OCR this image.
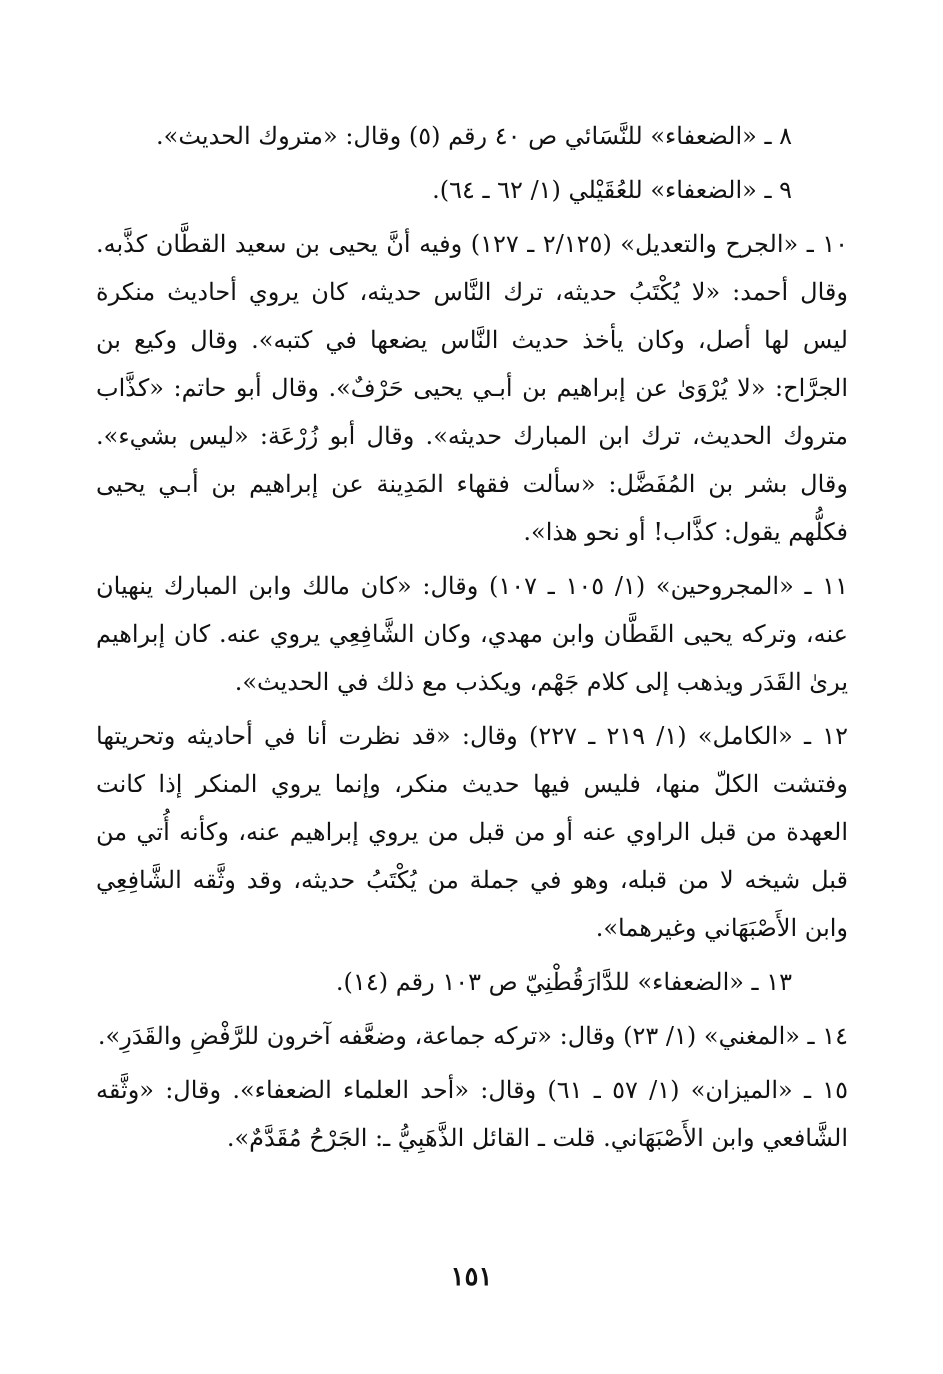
٨ ـ «الضعفاء» للنَّسَائي ص ٤٠ رقم (٥) وقال: «متروك الحديث».

٩ ـ «الضعفاء» للعُقَيْلي (١/ ٦٢ ـ ٦٤).

١٠ ـ «الجرح والتعديل» (٢/١٢٥ ـ ١٢٧) وفيه أنَّ يحيى بن سعيد القطَّان كذَّبه. وقال أحمد: «لا يُكْتَبُ حديثه، ترك النَّاس حديثه، كان يروي أحاديث منكرة ليس لها أصل، وكان يأخذ حديث النَّاس يضعها في كتبه». وقال وكيع بن الجرَّاح: «لا يُرْوَىٰ عن إبراهيم بن أبـي يحيى حَرْفٌ». وقال أبو حاتم: «كذَّاب متروك الحديث، ترك ابن المبارك حديثه». وقال أبو زُرْعَة: «ليس بشيء». وقال بشر بن المُفَضَّل: «سألت فقهاء المَدِينة عن إبراهيم بن أبـي يحيى فكلُّهم يقول: كذَّاب! أو نحو هذا».

١١ ـ «المجروحين» (١/ ١٠٥ ـ ١٠٧) وقال: «كان مالك وابن المبارك ينهيان عنه، وتركه يحيى القَطَّان وابن مهدي، وكان الشَّافِعِي يروي عنه. كان إبراهيم يرىٰ القَدَر ويذهب إلى كلام جَهْم، ويكذب مع ذلك في الحديث».

١٢ ـ «الكامل» (١/ ٢١٩ ـ ٢٢٧) وقال: «قد نظرت أنا في أحاديثه وتحريتها وفتشت الكلّ منها، فليس فيها حديث منكر، وإنما يروي المنكر إذا كانت العهدة من قبل الراوي عنه أو من قبل من يروي إبراهيم عنه، وكأنه أُتي من قبل شيخه لا من قبله، وهو في جملة من يُكْتَبُ حديثه، وقد وثَّقه الشَّافِعِي وابن الأَصْبَهَاني وغيرهما».

١٣ ـ «الضعفاء» للدَّارَقُطْنِيّ ص ١٠٣ رقم (١٤).

١٤ ـ «المغني» (١/ ٢٣) وقال: «تركه جماعة، وضعَّفه آخرون للرَّفْضِ والقَدَرِ».

١٥ ـ «الميزان» (١/ ٥٧ ـ ٦١) وقال: «أحد العلماء الضعفاء». وقال: «وثَّقه الشَّافعي وابن الأَصْبَهَاني. قلت ـ القائل الذَّهَبِيُّ ـ: الجَرْحُ مُقَدَّمٌ».

١٥١
